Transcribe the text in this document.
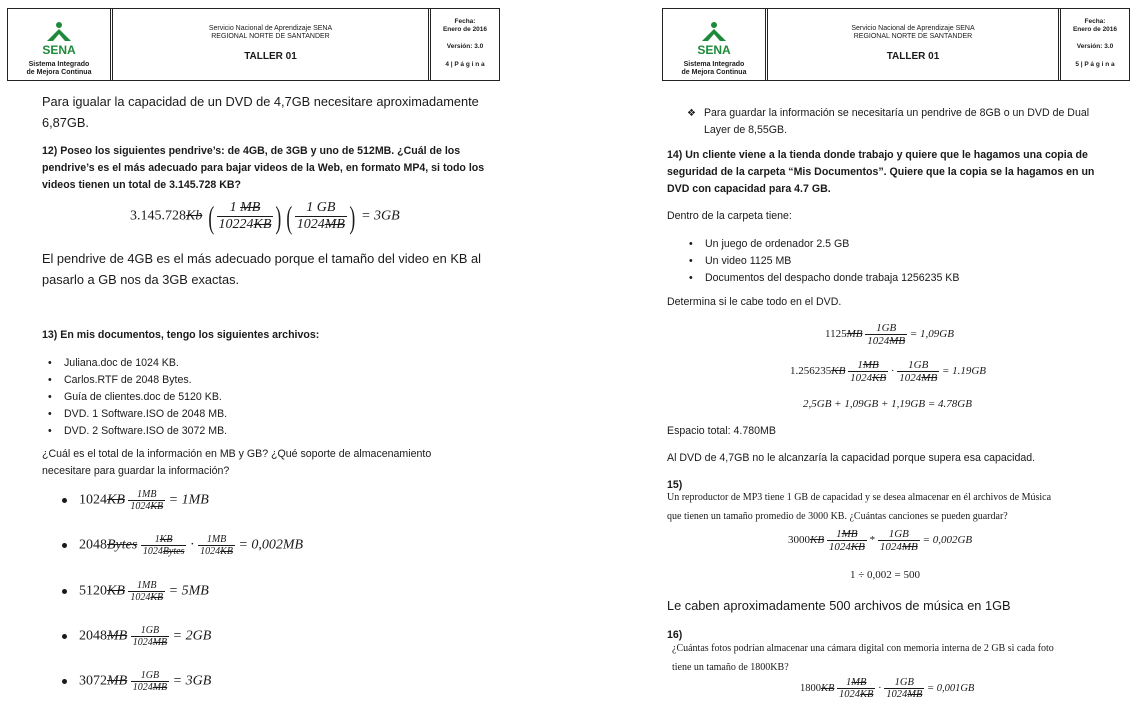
SENA
Sistema Integrado
de Mejora Continua
Servicio Nacional de Aprendizaje SENA
REGIONAL NORTE DE SANTANDER
TALLER 01
Fecha:
Enero de 2016
Versión: 3.0
4 | P á g i n a
Para igualar la capacidad de un DVD de 4,7GB necesitare aproximadamente
6,87GB.
12) Poseo los siguientes pendrive’s: de 4GB, de 3GB y uno de 512MB. ¿Cuál de los
pendrive’s es el más adecuado para bajar videos de la Web, en formato MP4, si todo los
videos tienen un total de 3.145.728 KB?
3.145.728Kb ( $\frac{1 MB}{10224KB}$ ) ( $\frac{1 GB}{1024MB}$ ) = 3GB
El pendrive de 4GB es el más adecuado porque el tamaño del video en KB al
pasarlo a GB nos da 3GB exactas.
13) En mis documentos, tengo los siguientes archivos:
• Juliana.doc de 1024 KB.
• Carlos.RTF de 2048 Bytes.
• Guía de clientes.doc de 5120 KB.
• DVD. 1 Software.ISO de 2048 MB.
• DVD. 2 Software.ISO de 3072 MB.
¿Cuál es el total de la información en MB y GB? ¿Qué soporte de almacenamiento
necesitare para guardar la información?
$1024KB \frac{1MB}{1024KB} = 1MB$
2048Bytes $\frac{1KB}{\text{1024Bytes}} \cdot \frac{1MB}{1024KB} = 0,002MB$
$5120KB \frac{1MB}{1024KB} = 5MB$
$2048MB \frac{1GB}{1024MB} = 2GB$
$3072MB \frac{1GB}{1024MB} = 3GB$
SENA
Sistema Integrado
de Mejora Continua
Servicio Nacional de Aprendizaje SENA
REGIONAL NORTE DE SANTANDER
TALLER 01
Fecha:
Enero de 2016
Versión: 3.0
5 | P á g i n a
❖ Para guardar la información se necesitaría un pendrive de 8GB o un DVD de Dual
Layer de 8,55GB.
14) Un cliente viene a la tienda donde trabajo y quiere que le hagamos una copia de
seguridad de la carpeta “Mis Documentos”. Quiere que la copia se la hagamos en un
DVD con capacidad para 4.7 GB.
Dentro de la carpeta tiene:
• Un juego de ordenador 2.5 GB
• Un video 1125 MB
• Documentos del despacho donde trabaja 1256235 KB
Determina si le cabe todo en el DVD.
$1125MB \frac{1GB}{1024MB} = 1,09GB$
$1.256235KB \frac{1MB}{1024KB} \cdot \frac{1GB}{1024MB} = 1.19GB$
2,5GB + 1,09GB + 1,19GB = 4.78GB
Espacio total: 4.780MB
Al DVD de 4,7GB no le alcanzaría la capacidad porque supera esa capacidad.
15)
Un reproductor de MP3 tiene 1 GB de capacidad y se desea almacenar en él archivos de Música
que tienen un tamaño promedio de 3000 KB. ¿Cuántas canciones se pueden guardar?
$3000KB \frac{1MB}{1024KB} * \frac{1GB}{1024MB} = 0,002GB$
1 ÷ 0,002 = 500
Le caben aproximadamente 500 archivos de música en 1GB
16)
¿Cuántas fotos podrían almacenar una cámara digital con memoria interna de 2 GB si cada foto
tiene un tamaño de 1800KB?
$1800KB \frac{1MB}{1024KB} \cdot \frac{1GB}{1024MB} = 0,001GB$
